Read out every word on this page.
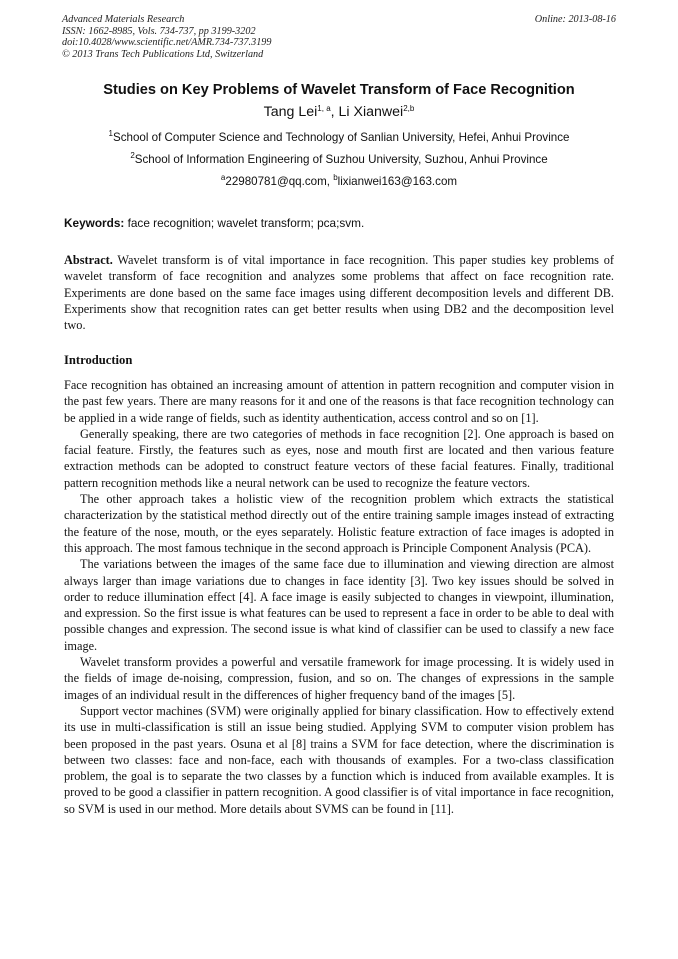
Advanced Materials Research
ISSN: 1662-8985, Vols. 734-737, pp 3199-3202
doi:10.4028/www.scientific.net/AMR.734-737.3199
© 2013 Trans Tech Publications Ltd, Switzerland
Online: 2013-08-16
Studies on Key Problems of Wavelet Transform of Face Recognition
Tang Lei$^{1, a}$, Li Xianwei$^{2,b}$
$^1$School of Computer Science and Technology of Sanlian University, Hefei, Anhui Province
$^2$School of Information Engineering of Suzhou University, Suzhou, Anhui Province
$^a$22980781@qq.com, $^b$lixianwei163@163.com
Keywords: face recognition; wavelet transform; pca;svm.
Abstract. Wavelet transform is of vital importance in face recognition. This paper studies key problems of wavelet transform of face recognition and analyzes some problems that affect on face recognition rate. Experiments are done based on the same face images using different decomposition levels and different DB. Experiments show that recognition rates can get better results when using DB2 and the decomposition level two.
Introduction

Face recognition has obtained an increasing amount of attention in pattern recognition and computer vision in the past few years. There are many reasons for it and one of the reasons is that face recognition technology can be applied in a wide range of fields, such as identity authentication, access control and so on [1].

Generally speaking, there are two categories of methods in face recognition [2]. One approach is based on facial feature. Firstly, the features such as eyes, nose and mouth first are located and then various feature extraction methods can be adopted to construct feature vectors of these facial features. Finally, traditional pattern recognition methods like a neural network can be used to recognize the feature vectors.

The other approach takes a holistic view of the recognition problem which extracts the statistical characterization by the statistical method directly out of the entire training sample images instead of extracting the feature of the nose, mouth, or the eyes separately. Holistic feature extraction of face images is adopted in this approach. The most famous technique in the second approach is Principle Component Analysis (PCA).

The variations between the images of the same face due to illumination and viewing direction are almost always larger than image variations due to changes in face identity [3]. Two key issues should be solved in order to reduce illumination effect [4]. A face image is easily subjected to changes in viewpoint, illumination, and expression. So the first issue is what features can be used to represent a face in order to be able to deal with possible changes and expression. The second issue is what kind of classifier can be used to classify a new face image.

Wavelet transform provides a powerful and versatile framework for image processing. It is widely used in the fields of image de-noising, compression, fusion, and so on. The changes of expressions in the sample images of an individual result in the differences of higher frequency band of the images [5].

Support vector machines (SVM) were originally applied for binary classification. How to effectively extend its use in multi-classification is still an issue being studied. Applying SVM to computer vision problem has been proposed in the past years. Osuna et al [8] trains a SVM for face detection, where the discrimination is between two classes: face and non-face, each with thousands of examples. For a two-class classification problem, the goal is to separate the two classes by a function which is induced from available examples. It is proved to be good a classifier in pattern recognition. A good classifier is of vital importance in face recognition, so SVM is used in our method. More details about SVMS can be found in [11].
